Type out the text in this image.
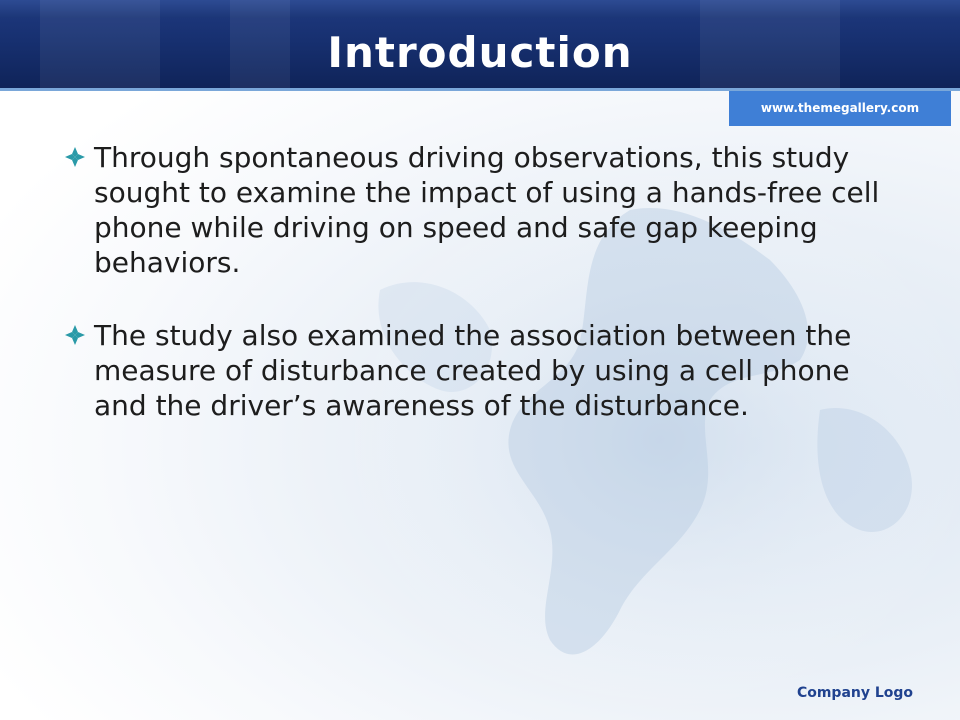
Introduction
www.themegallery.com
Through spontaneous driving observations, this study sought to examine the impact of using a hands-free cell phone while driving on speed and safe gap keeping behaviors.
The study also examined the association between the measure of disturbance created by using a cell phone and the driver’s awareness of the disturbance.
Company Logo
